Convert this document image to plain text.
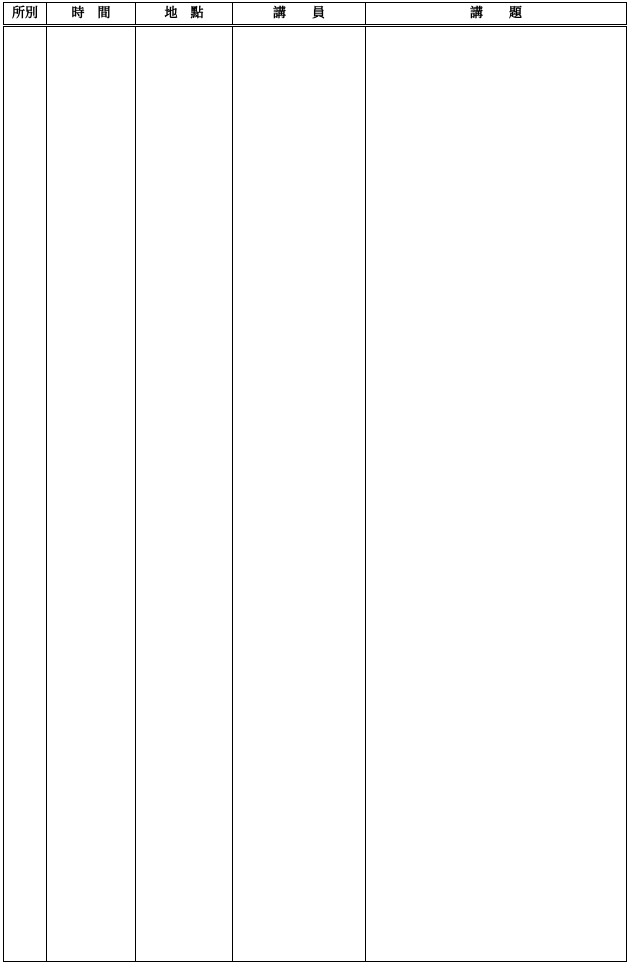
所別	時　間	地　點	講　　員	講　　題
